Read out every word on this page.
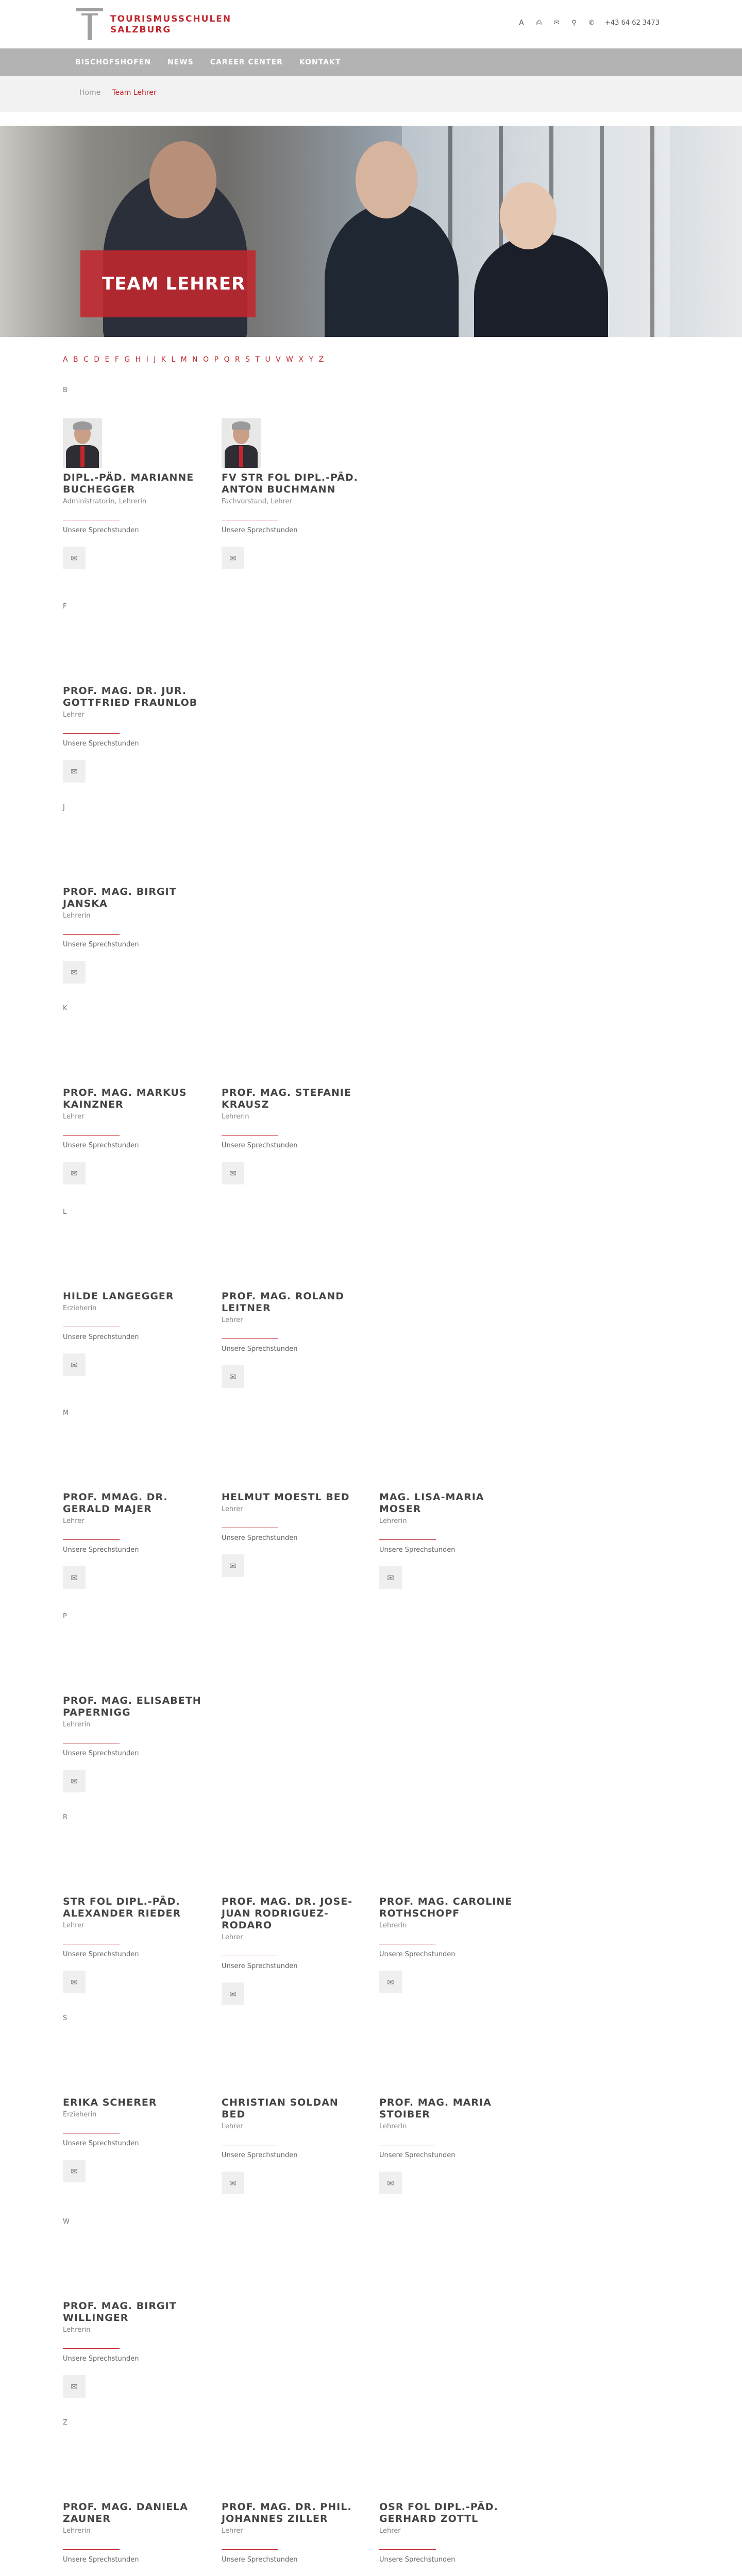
TOURISMUSSCHULEN
SALZBURG
A ⎙ ✉ ⚲ ✆ +43 64 62 3473
BISCHOFSHOFEN NEWS CAREER CENTER KONTAKT
Home Team Lehrer
TEAM LEHRER
A B C D E F G H I J K L M N O P Q R S T U V W X Y Z
B
DIPL.-PÄD. MARIANNE BUCHEGGER
Administratorin, Lehrerin
Unsere Sprechstunden
✉
FV STR FOL DIPL.-PÄD. ANTON BUCHMANN
Fachvorstand, Lehrer
Unsere Sprechstunden
✉
F
PROF. MAG. DR. JUR. GOTTFRIED FRAUNLOB
Lehrer
Unsere Sprechstunden
✉
J
PROF. MAG. BIRGIT JANSKA
Lehrerin
Unsere Sprechstunden
✉
K
PROF. MAG. MARKUS KAINZNER
Lehrer
Unsere Sprechstunden
✉
PROF. MAG. STEFANIE KRAUSZ
Lehrerin
Unsere Sprechstunden
✉
L
HILDE LANGEGGER
Erzieherin
Unsere Sprechstunden
✉
PROF. MAG. ROLAND LEITNER
Lehrer
Unsere Sprechstunden
✉
M
PROF. MMAG. DR. GERALD MAJER
Lehrer
Unsere Sprechstunden
✉
HELMUT MOESTL BED
Lehrer
Unsere Sprechstunden
✉
MAG. LISA-MARIA MOSER
Lehrerin
Unsere Sprechstunden
✉
P
PROF. MAG. ELISABETH PAPERNIGG
Lehrerin
Unsere Sprechstunden
✉
R
STR FOL DIPL.-PÄD. ALEXANDER RIEDER
Lehrer
Unsere Sprechstunden
✉
PROF. MAG. DR. JOSE-JUAN RODRIGUEZ-RODARO
Lehrer
Unsere Sprechstunden
✉
PROF. MAG. CAROLINE ROTHSCHOPF
Lehrerin
Unsere Sprechstunden
✉
S
ERIKA SCHERER
Erzieherin
Unsere Sprechstunden
✉
CHRISTIAN SOLDAN BED
Lehrer
Unsere Sprechstunden
✉
PROF. MAG. MARIA STOIBER
Lehrerin
Unsere Sprechstunden
✉
W
PROF. MAG. BIRGIT WILLINGER
Lehrerin
Unsere Sprechstunden
✉
Z
PROF. MAG. DANIELA ZAUNER
Lehrerin
Unsere Sprechstunden
PROF. MAG. DR. PHIL. JOHANNES ZILLER
Lehrer
Unsere Sprechstunden
OSR FOL DIPL.-PÄD. GERHARD ZOTTL
Lehrer
Unsere Sprechstunden
